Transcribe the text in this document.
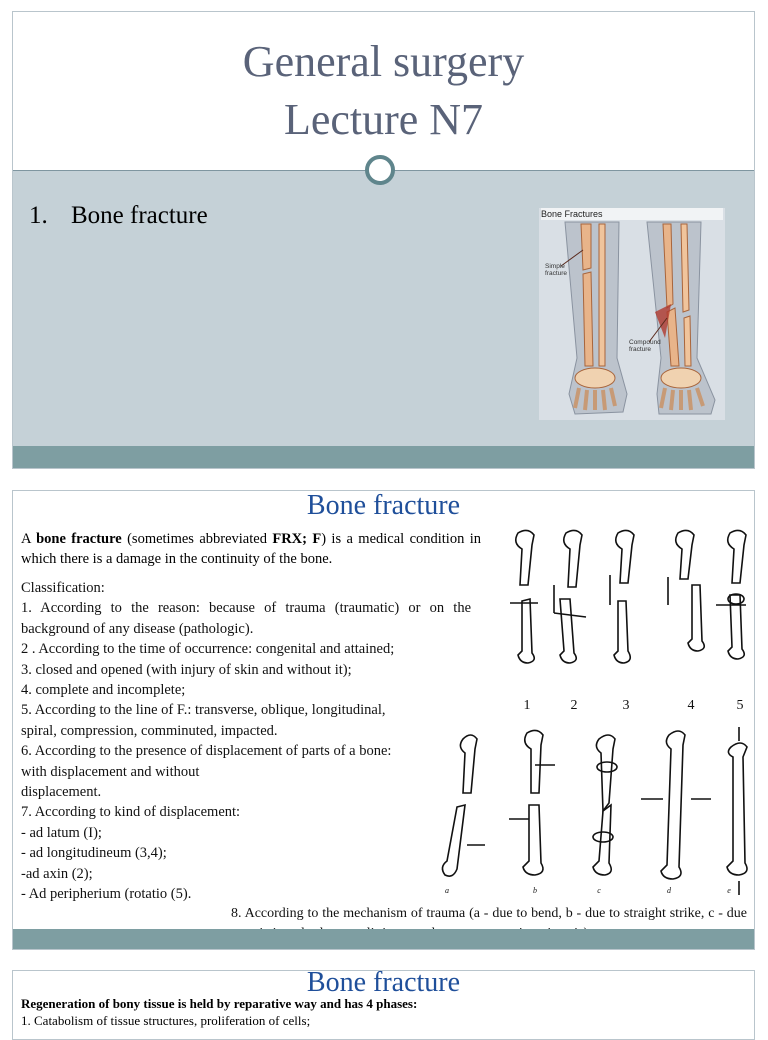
General surgery
Lecture N7
1. Bone fracture	Bone Fractures
Simple
fracture
Compound
fracture
Bone fracture
A bone fracture (sometimes abbreviated FRX; F) is a medical condition in which there is a damage in the continuity of the bone.
Classification:
1. According to the reason: because of trauma (traumatic) or on the background of any disease (pathologic).
2 . According to the time of occurrence: congenital and attained;
3. closed and opened (with injury of skin and without it);
4. complete and incomplete;
5. According to the line of F.: transverse, oblique, longitudinal,
spiral, compression, comminuted, impacted.
6. According to the presence of displacement of parts of a bone:
with displacement and without
displacement.
7. According to kind of displacement:
- ad latum (I);
- ad longitudineum (3,4);
-ad axin (2);
- Ad peripherium (rotatio (5).
1	2	3	4	5
a	b	c	d	e
8. According to the mechanism of trauma (a - due to bend, b - due to straight strike, c - due
Bone fracture
Regeneration of bony tissue is held by reparative way and has 4 phases:
1. Catabolism of tissue structures, proliferation of cells;
